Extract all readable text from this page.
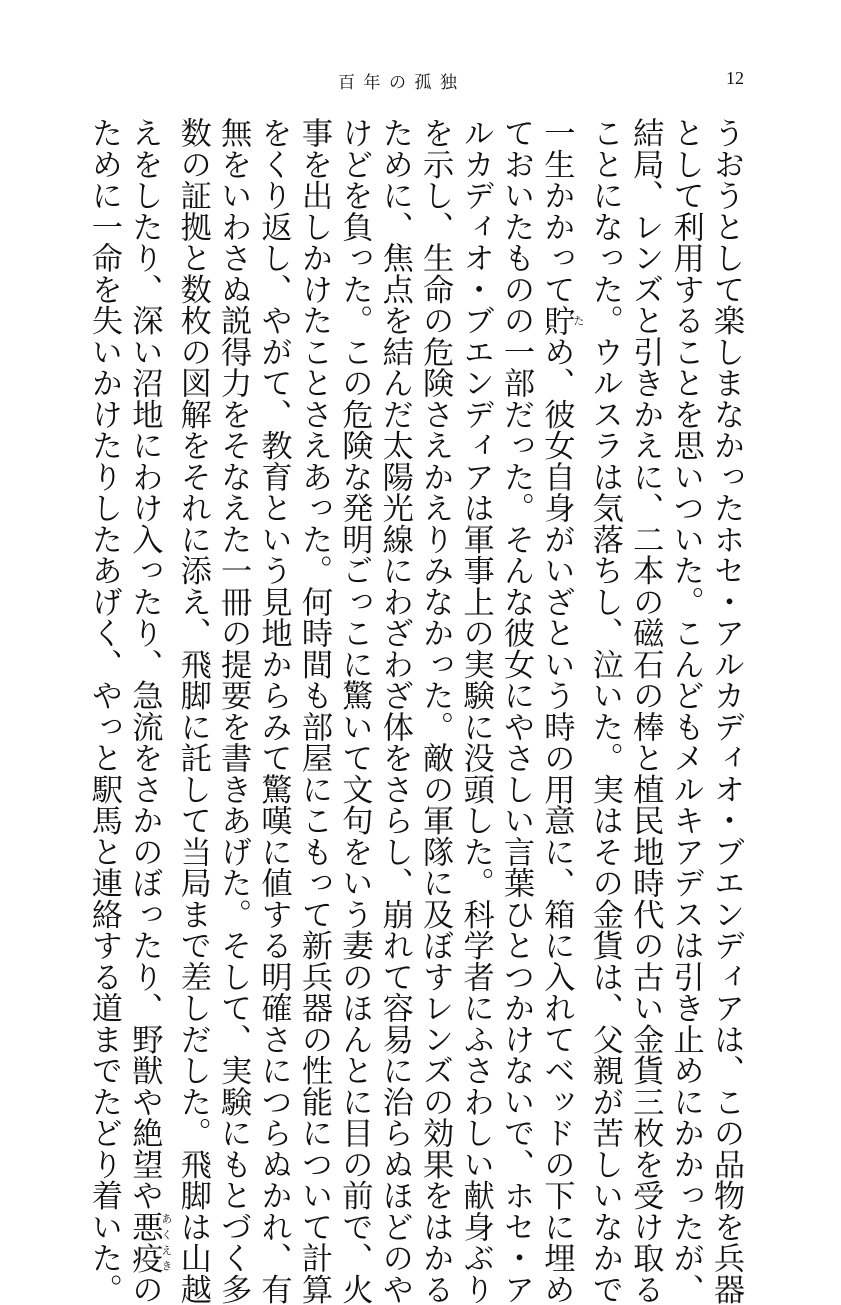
百年の孤独	12
うおうとして楽しまなかったホセ・アルカディオ・ブエンディアは、この品物を兵器
として利用することを思いついた。こんどもメルキアデスは引き止めにかかったが、
結局、レンズと引きかえに、二本の磁石の棒と植民地時代の古い金貨三枚を受け取る
ことになった。ウルスラは気落ちし、泣いた。実はその金貨は、父親が苦しいなかで
一生かかって貯ため、彼女自身がいざという時の用意に、箱に入れてベッドの下に埋め
ておいたものの一部だった。そんな彼女にやさしい言葉ひとつかけないで、ホセ・ア
ルカディオ・ブエンディアは軍事上の実験に没頭した。科学者にふさわしい献身ぶり
を示し、生命の危険さえかえりみなかった。敵の軍隊に及ぼすレンズの効果をはかる
ために、焦点を結んだ太陽光線にわざわざ体をさらし、崩れて容易に治らぬほどのや
けどを負った。この危険な発明ごっこに驚いて文句をいう妻のほんとに目の前で、火
事を出しかけたことさえあった。何時間も部屋にこもって新兵器の性能について計算
をくり返し、やがて、教育という見地からみて驚嘆に値する明確さにつらぬかれ、有
無をいわさぬ説得力をそなえた一冊の提要を書きあげた。そして、実験にもとづく多
数の証拠と数枚の図解をそれに添え、飛脚に託して当局まで差しだした。飛脚は山越
えをしたり、深い沼地にわけ入ったり、急流をさかのぼったり、野獣や絶望や悪疫あくえきの
ために一命を失いかけたりしたあげく、やっと駅馬と連絡する道までたどり着いた。
